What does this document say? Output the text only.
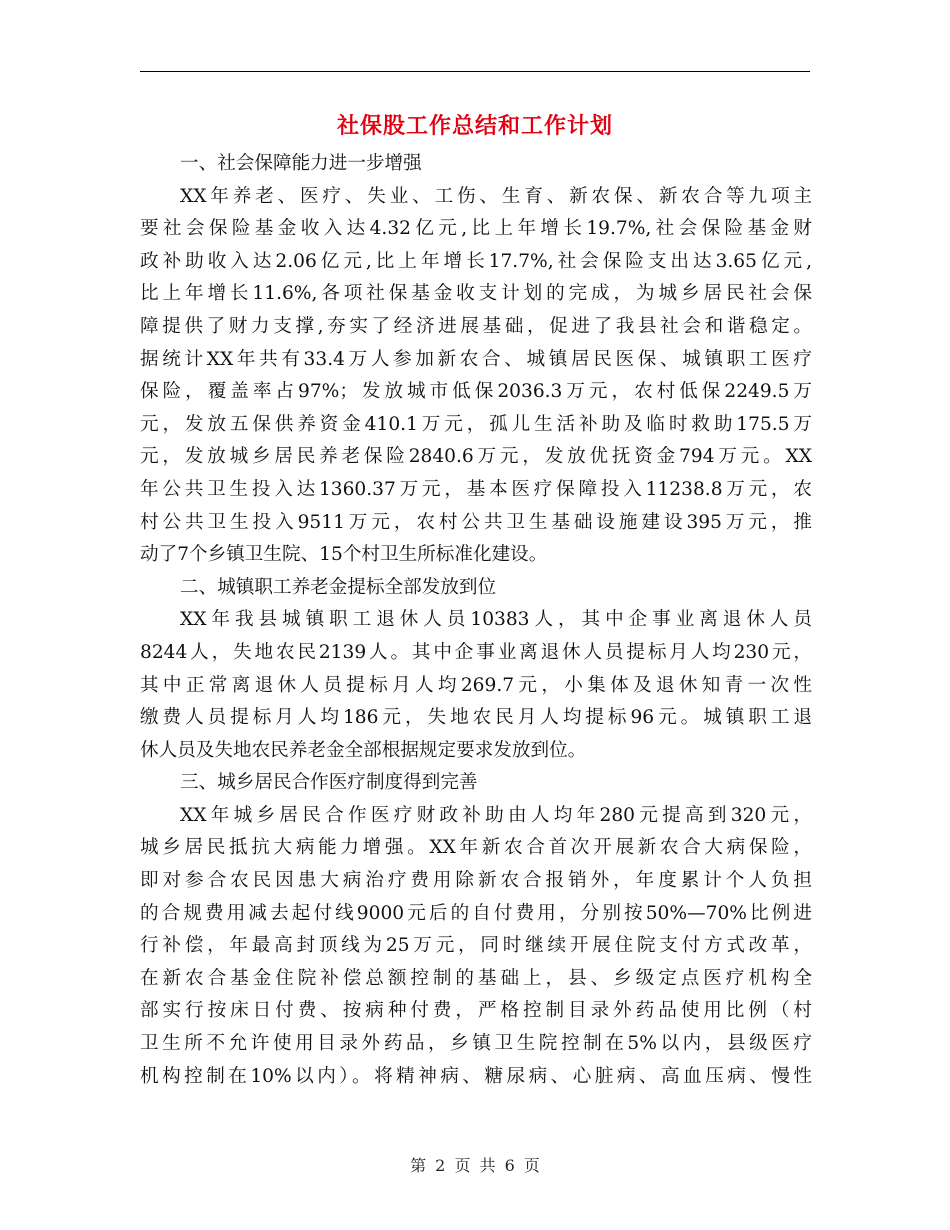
社保股工作总结和工作计划
一、社会保障能力进一步增强
XX年养老、医疗、失业、工伤、生育、新农保、新农合等九项主
要社会保险基金收入达4.32亿元,比上年增长19.7%,社会保险基金财
政补助收入达2.06亿元,比上年增长17.7%,社会保险支出达3.65亿元,
比上年增长11.6%,各项社保基金收支计划的完成，为城乡居民社会保
障提供了财力支撑,夯实了经济进展基础，促进了我县社会和谐稳定。
据统计XX年共有33.4万人参加新农合、城镇居民医保、城镇职工医疗
保险，覆盖率占97%；发放城市低保2036.3万元，农村低保2249.5万
元，发放五保供养资金410.1万元，孤儿生活补助及临时救助175.5万
元，发放城乡居民养老保险2840.6万元，发放优抚资金794万元。XX
年公共卫生投入达1360.37万元，基本医疗保障投入11238.8万元，农
村公共卫生投入9511万元，农村公共卫生基础设施建设395万元，推
动了7个乡镇卫生院、15个村卫生所标准化建设。
二、城镇职工养老金提标全部发放到位
XX年我县城镇职工退休人员10383人，其中企事业离退休人员
8244人，失地农民2139人。其中企事业离退休人员提标月人均230元，
其中正常离退休人员提标月人均269.7元，小集体及退休知青一次性
缴费人员提标月人均186元，失地农民月人均提标96元。城镇职工退
休人员及失地农民养老金全部根据规定要求发放到位。
三、城乡居民合作医疗制度得到完善
XX年城乡居民合作医疗财政补助由人均年280元提高到320元，
城乡居民抵抗大病能力增强。XX年新农合首次开展新农合大病保险，
即对参合农民因患大病治疗费用除新农合报销外，年度累计个人负担
的合规费用减去起付线9000元后的自付费用，分别按50%—70%比例进
行补偿，年最高封顶线为25万元，同时继续开展住院支付方式改革，
在新农合基金住院补偿总额控制的基础上，县、乡级定点医疗机构全
部实行按床日付费、按病种付费，严格控制目录外药品使用比例（村
卫生所不允许使用目录外药品，乡镇卫生院控制在5%以内，县级医疗
机构控制在10%以内）。将精神病、糖尿病、心脏病、高血压病、慢性
第 2 页 共 6 页
